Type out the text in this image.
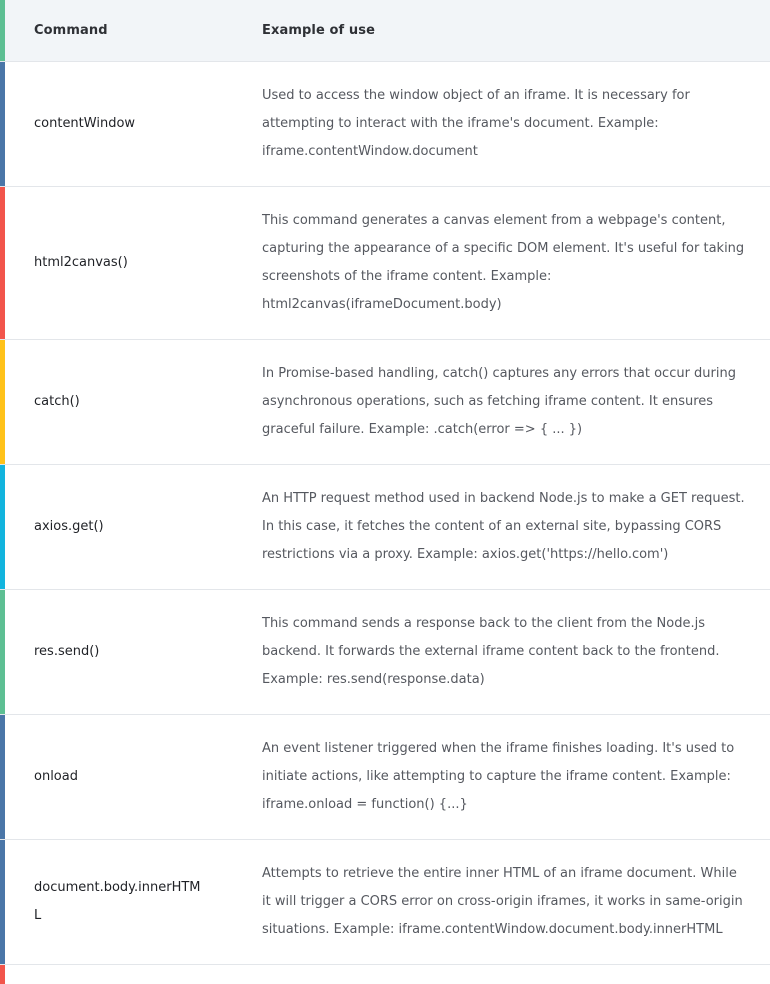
Command	Example of use
contentWindow
Used to access the window object of an iframe. It is necessary for attempting to interact with the iframe's document. Example: iframe.contentWindow.document
html2canvas()
This command generates a canvas element from a webpage's content, capturing the appearance of a specific DOM element. It's useful for taking screenshots of the iframe content. Example: html2canvas(iframeDocument.body)
catch()
In Promise-based handling, catch() captures any errors that occur during asynchronous operations, such as fetching iframe content. It ensures graceful failure. Example: .catch(error => { ... })
axios.get()
An HTTP request method used in backend Node.js to make a GET request. In this case, it fetches the content of an external site, bypassing CORS restrictions via a proxy. Example: axios.get('https://hello.com')
res.send()
This command sends a response back to the client from the Node.js backend. It forwards the external iframe content back to the frontend. Example: res.send(response.data)
onload
An event listener triggered when the iframe finishes loading. It's used to initiate actions, like attempting to capture the iframe content. Example: iframe.onload = function() {...}
document.body.innerHTML
Attempts to retrieve the entire inner HTML of an iframe document. While it will trigger a CORS error on cross-origin iframes, it works in same-origin situations. Example: iframe.contentWindow.document.body.innerHTML
